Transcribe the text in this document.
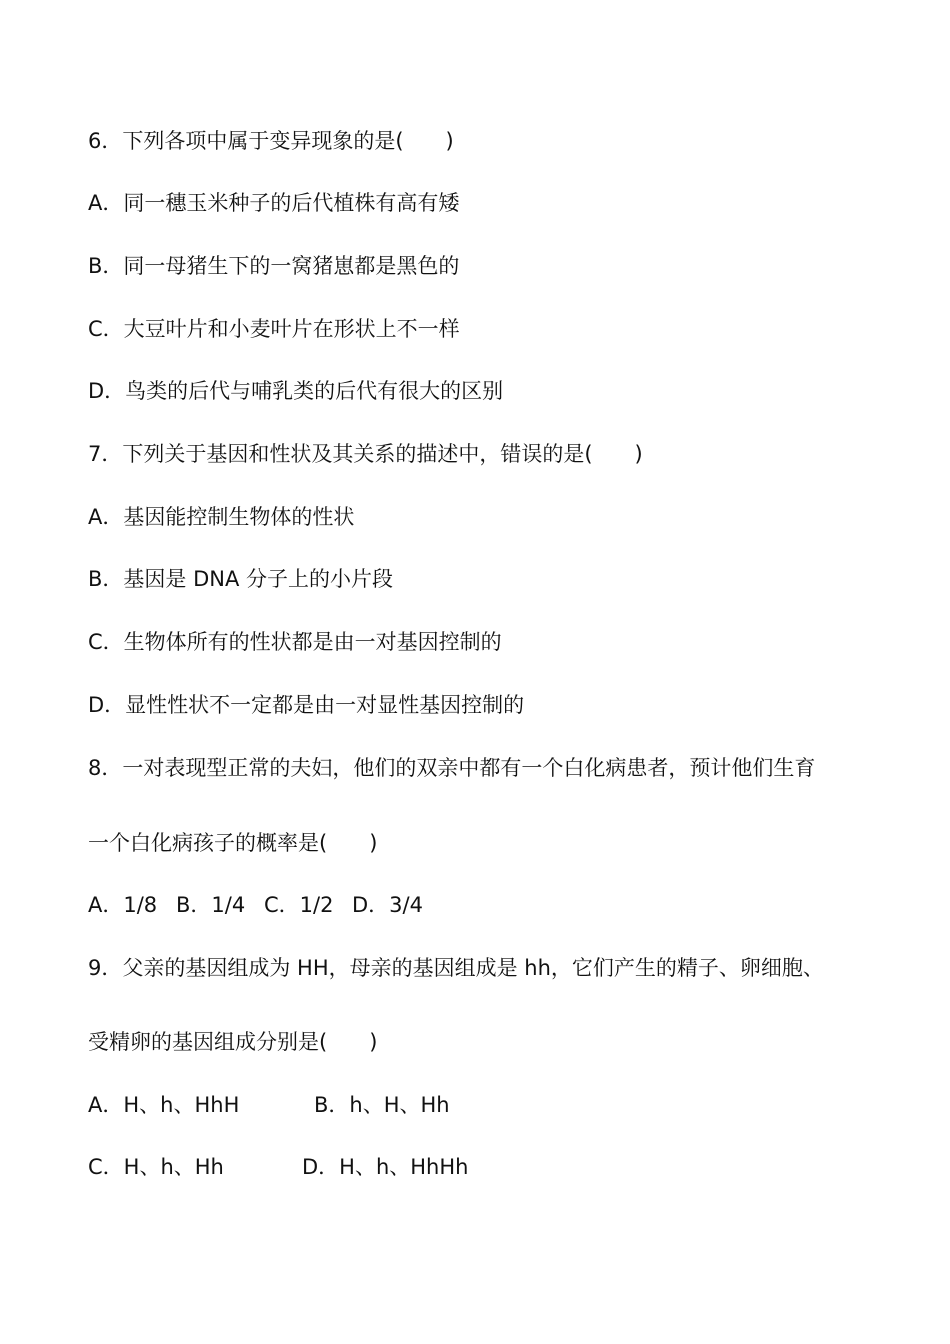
6．下列各项中属于变异现象的是(　　)
A．同一穗玉米种子的后代植株有高有矮
B．同一母猪生下的一窝猪崽都是黑色的
C．大豆叶片和小麦叶片在形状上不一样
D．鸟类的后代与哺乳类的后代有很大的区别
7．下列关于基因和性状及其关系的描述中，错误的是(　　)
A．基因能控制生物体的性状
B．基因是 DNA 分子上的小片段
C．生物体所有的性状都是由一对基因控制的
D．显性性状不一定都是由一对显性基因控制的
8．一对表现型正常的夫妇，他们的双亲中都有一个白化病患者，预计他们生育
一个白化病孩子的概率是(　　)
A．1/8 B．1/4 C．1/2 D．3/4
9．父亲的基因组成为 HH，母亲的基因组成是 hh，它们产生的精子、卵细胞、
受精卵的基因组成分别是(　　)
A．H、h、HhH	B．h、H、Hh
C．H、h、Hh	D．H、h、HhHh
